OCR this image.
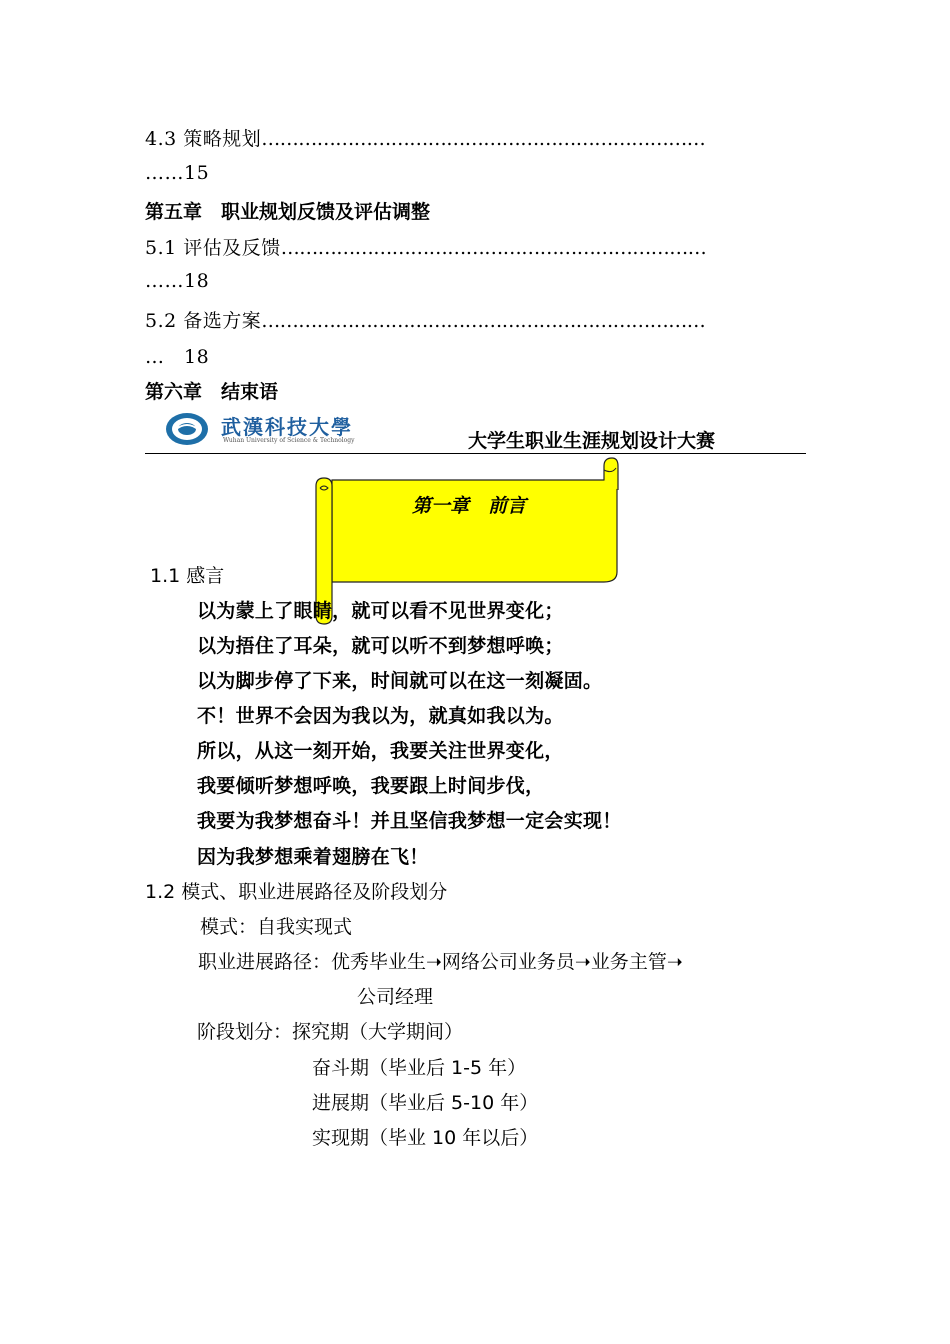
4.3 策略规划………………………………………………………………
……15
第五章　职业规划反馈及评估调整
5.1 评估及反馈……………………………………………………………
……18
5.2 备选方案………………………………………………………………
…　18
第六章　结束语
武漢科技大學
Wuhan University of Science & Technology	大学生职业生涯规划设计大赛
第一章　前言
1.1 感言
以为蒙上了眼睛，就可以看不见世界变化；
以为捂住了耳朵，就可以听不到梦想呼唤；
以为脚步停了下来，时间就可以在这一刻凝固。
不！世界不会因为我以为，就真如我以为。
所以，从这一刻开始，我要关注世界变化，
我要倾听梦想呼唤，我要跟上时间步伐，
我要为我梦想奋斗！并且坚信我梦想一定会实现！
因为我梦想乘着翅膀在飞！
1.2 模式、职业进展路径及阶段划分
模式：自我实现式
职业进展路径：优秀毕业生➝网络公司业务员➝业务主管➝
公司经理
阶段划分：探究期（大学期间）
奋斗期（毕业后 1-5 年）
进展期（毕业后 5-10 年）
实现期（毕业 10 年以后）
